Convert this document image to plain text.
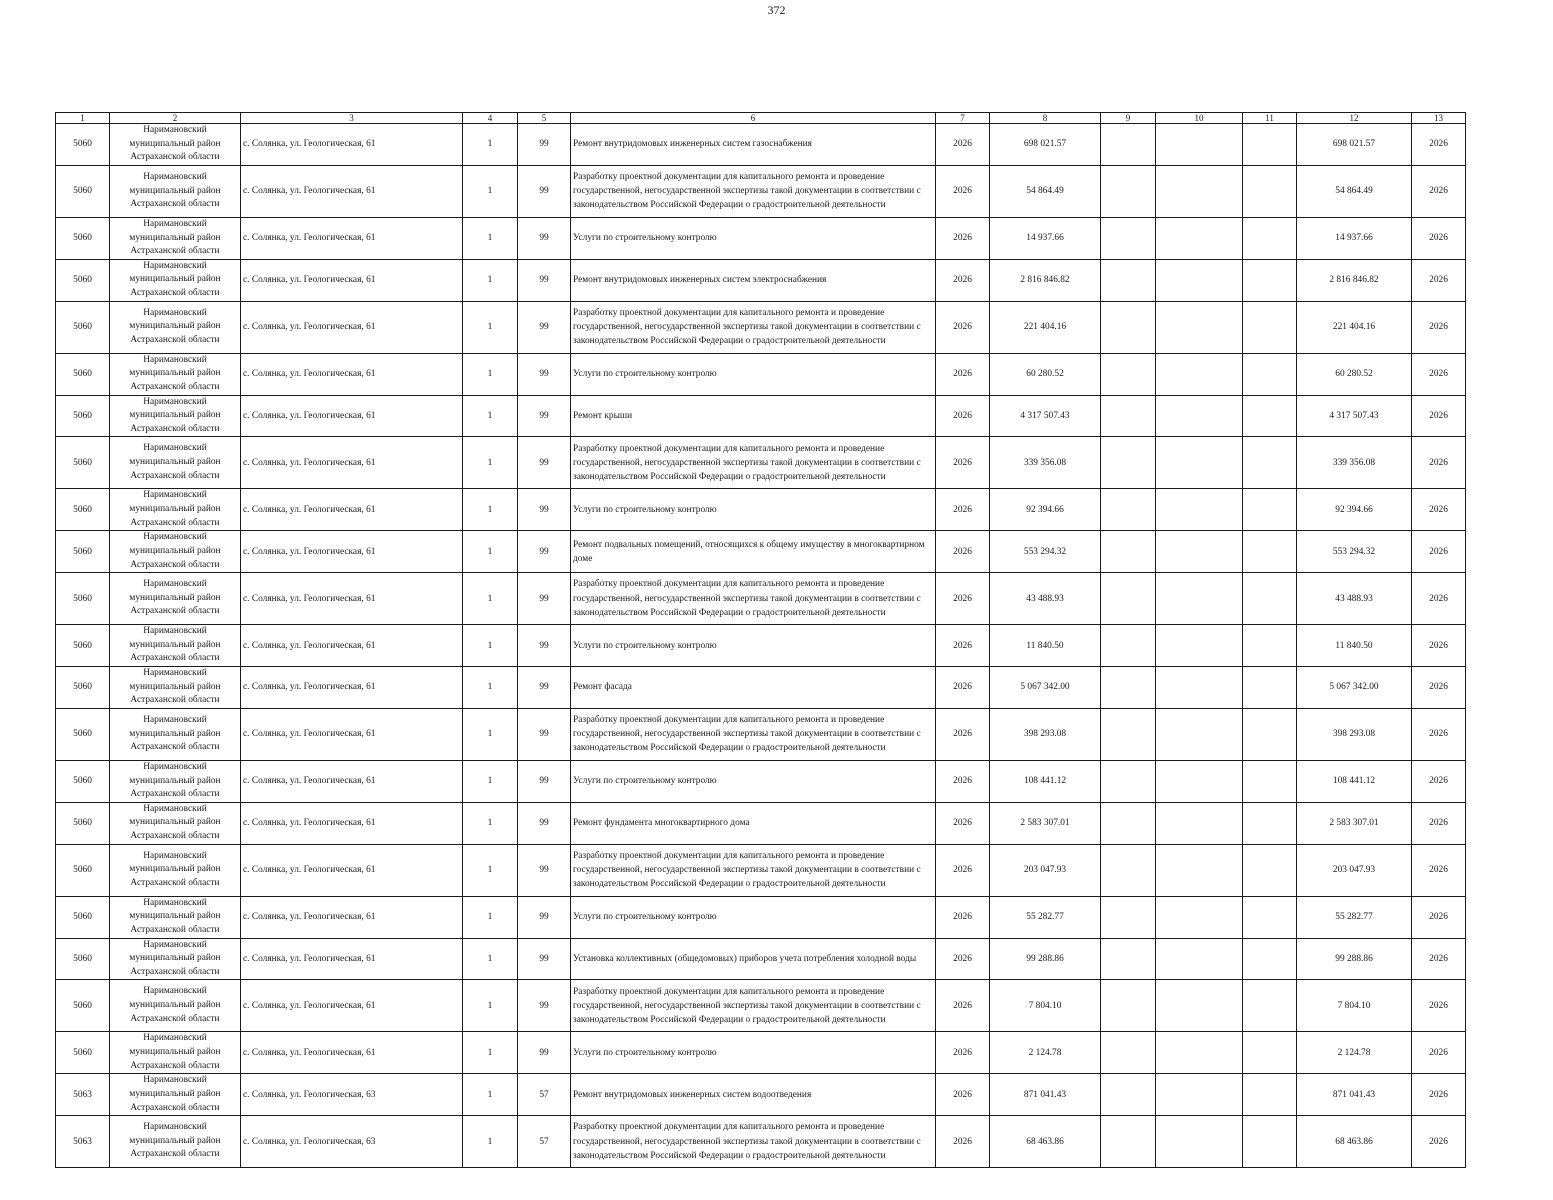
372
1	2	3	4	5	6	7	8	9	10	11	12	13
5060	Наримановский муниципальный район Астраханской области	с. Солянка, ул. Геологическая, 61	1	99	Ремонт внутридомовых инженерных систем газоснабжения	2026	698 021.57				698 021.57	2026
5060	Наримановский муниципальный район Астраханской области	с. Солянка, ул. Геологическая, 61	1	99	Разработку проектной документации для капитального ремонта и проведение государственной, негосударственной экспертизы такой документации в соответствии с законодательством Российской Федерации о градостроительной деятельности	2026	54 864.49				54 864.49	2026
5060	Наримановский муниципальный район Астраханской области	с. Солянка, ул. Геологическая, 61	1	99	Услуги по строительному контролю	2026	14 937.66				14 937.66	2026
5060	Наримановский муниципальный район Астраханской области	с. Солянка, ул. Геологическая, 61	1	99	Ремонт внутридомовых инженерных систем электроснабжения	2026	2 816 846.82				2 816 846.82	2026
5060	Наримановский муниципальный район Астраханской области	с. Солянка, ул. Геологическая, 61	1	99	Разработку проектной документации для капитального ремонта и проведение государственной, негосударственной экспертизы такой документации в соответствии с законодательством Российской Федерации о градостроительной деятельности	2026	221 404.16				221 404.16	2026
5060	Наримановский муниципальный район Астраханской области	с. Солянка, ул. Геологическая, 61	1	99	Услуги по строительному контролю	2026	60 280.52				60 280.52	2026
5060	Наримановский муниципальный район Астраханской области	с. Солянка, ул. Геологическая, 61	1	99	Ремонт крыши	2026	4 317 507.43				4 317 507.43	2026
5060	Наримановский муниципальный район Астраханской области	с. Солянка, ул. Геологическая, 61	1	99	Разработку проектной документации для капитального ремонта и проведение государственной, негосударственной экспертизы такой документации в соответствии с законодательством Российской Федерации о градостроительной деятельности	2026	339 356.08				339 356.08	2026
5060	Наримановский муниципальный район Астраханской области	с. Солянка, ул. Геологическая, 61	1	99	Услуги по строительному контролю	2026	92 394.66				92 394.66	2026
5060	Наримановский муниципальный район Астраханской области	с. Солянка, ул. Геологическая, 61	1	99	Ремонт подвальных помещений, относящихся к общему имуществу в многоквартирном доме	2026	553 294.32				553 294.32	2026
5060	Наримановский муниципальный район Астраханской области	с. Солянка, ул. Геологическая, 61	1	99	Разработку проектной документации для капитального ремонта и проведение государственной, негосударственной экспертизы такой документации в соответствии с законодательством Российской Федерации о градостроительной деятельности	2026	43 488.93				43 488.93	2026
5060	Наримановский муниципальный район Астраханской области	с. Солянка, ул. Геологическая, 61	1	99	Услуги по строительному контролю	2026	11 840.50				11 840.50	2026
5060	Наримановский муниципальный район Астраханской области	с. Солянка, ул. Геологическая, 61	1	99	Ремонт фасада	2026	5 067 342.00				5 067 342.00	2026
5060	Наримановский муниципальный район Астраханской области	с. Солянка, ул. Геологическая, 61	1	99	Разработку проектной документации для капитального ремонта и проведение государственной, негосударственной экспертизы такой документации в соответствии с законодательством Российской Федерации о градостроительной деятельности	2026	398 293.08				398 293.08	2026
5060	Наримановский муниципальный район Астраханской области	с. Солянка, ул. Геологическая, 61	1	99	Услуги по строительному контролю	2026	108 441.12				108 441.12	2026
5060	Наримановский муниципальный район Астраханской области	с. Солянка, ул. Геологическая, 61	1	99	Ремонт фундамента многоквартирного дома	2026	2 583 307.01				2 583 307.01	2026
5060	Наримановский муниципальный район Астраханской области	с. Солянка, ул. Геологическая, 61	1	99	Разработку проектной документации для капитального ремонта и проведение государственной, негосударственной экспертизы такой документации в соответствии с законодательством Российской Федерации о градостроительной деятельности	2026	203 047.93				203 047.93	2026
5060	Наримановский муниципальный район Астраханской области	с. Солянка, ул. Геологическая, 61	1	99	Услуги по строительному контролю	2026	55 282.77				55 282.77	2026
5060	Наримановский муниципальный район Астраханской области	с. Солянка, ул. Геологическая, 61	1	99	Установка коллективных (общедомовых) приборов учета потребления холодной воды	2026	99 288.86				99 288.86	2026
5060	Наримановский муниципальный район Астраханской области	с. Солянка, ул. Геологическая, 61	1	99	Разработку проектной документации для капитального ремонта и проведение государственной, негосударственной экспертизы такой документации в соответствии с законодательством Российской Федерации о градостроительной деятельности	2026	7 804.10				7 804.10	2026
5060	Наримановский муниципальный район Астраханской области	с. Солянка, ул. Геологическая, 61	1	99	Услуги по строительному контролю	2026	2 124.78				2 124.78	2026
5063	Наримановский муниципальный район Астраханской области	с. Солянка, ул. Геологическая, 63	1	57	Ремонт внутридомовых инженерных систем водоотведения	2026	871 041.43				871 041.43	2026
5063	Наримановский муниципальный район Астраханской области	с. Солянка, ул. Геологическая, 63	1	57	Разработку проектной документации для капитального ремонта и проведение государственной, негосударственной экспертизы такой документации в соответствии с законодательством Российской Федерации о градостроительной деятельности	2026	68 463.86				68 463.86	2026
